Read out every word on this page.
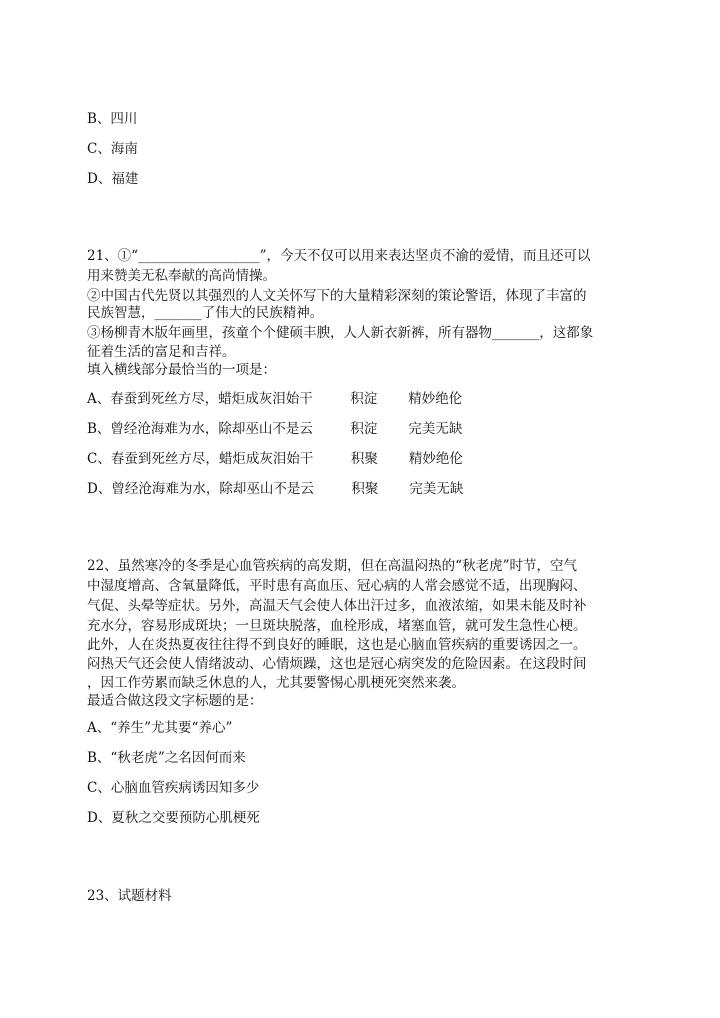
B、四川
C、海南
D、福建
21、①“__________________”，今天不仅可以用来表达坚贞不渝的爱情，而且还可以
用来赞美无私奉献的高尚情操。
②中国古代先贤以其强烈的人文关怀写下的大量精彩深刻的策论警语，体现了丰富的
民族智慧，_______了伟大的民族精神。
③杨柳青木版年画里，孩童个个健硕丰腴，人人新衣新裤，所有器物_______，这都象
征着生活的富足和吉祥。
填入横线部分最恰当的一项是：
A、春蚕到死丝方尽，蜡炬成灰泪始干	积淀 精妙绝伦
B、曾经沧海难为水，除却巫山不是云	积淀 完美无缺
C、春蚕到死丝方尽，蜡炬成灰泪始干	积聚 精妙绝伦
D、曾经沧海难为水，除却巫山不是云	积聚 完美无缺
22、虽然寒冷的冬季是心血管疾病的高发期，但在高温闷热的“秋老虎”时节，空气
中湿度增高、含氧量降低，平时患有高血压、冠心病的人常会感觉不适，出现胸闷、
气促、头晕等症状。另外，高温天气会使人体出汗过多，血液浓缩，如果未能及时补
充水分，容易形成斑块；一旦斑块脱落，血栓形成，堵塞血管，就可发生急性心梗。
此外，人在炎热夏夜往往得不到良好的睡眠，这也是心脑血管疾病的重要诱因之一。
闷热天气还会使人情绪波动、心情烦躁，这也是冠心病突发的危险因素。在这段时间
，因工作劳累而缺乏休息的人，尤其要警惕心肌梗死突然来袭。
最适合做这段文字标题的是：
A、“养生”尤其要“养心”
B、“秋老虎”之名因何而来
C、心脑血管疾病诱因知多少
D、夏秋之交要预防心肌梗死
23、试题材料
